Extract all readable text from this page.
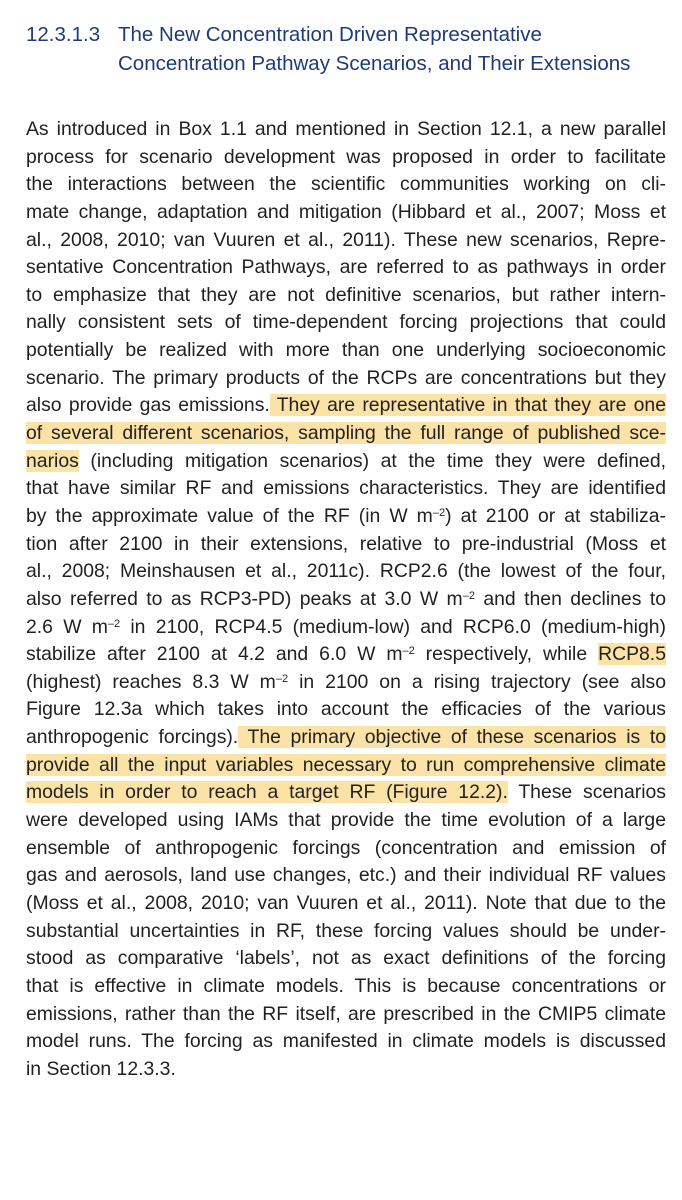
12.3.1.3 The New Concentration Driven Representative
Concentration Pathway Scenarios, and Their Extensions
As introduced in Box 1.1 and mentioned in Section 12.1, a new parallel
process for scenario development was proposed in order to facilitate
the interactions between the scientific communities working on cli-
mate change, adaptation and mitigation (Hibbard et al., 2007; Moss et
al., 2008, 2010; van Vuuren et al., 2011). These new scenarios, Repre-
sentative Concentration Pathways, are referred to as pathways in order
to emphasize that they are not definitive scenarios, but rather intern-
nally consistent sets of time-dependent forcing projections that could
potentially be realized with more than one underlying socioeconomic
scenario. The primary products of the RCPs are concentrations but they
also provide gas emissions. They are representative in that they are one
of several different scenarios, sampling the full range of published sce-
narios (including mitigation scenarios) at the time they were defined,
that have similar RF and emissions characteristics. They are identified
by the approximate value of the RF (in W $m^{-2}$) at 2100 or at stabiliza-
tion after 2100 in their extensions, relative to pre-industrial (Moss et
al., 2008; Meinshausen et al., 2011c). RCP2.6 (the lowest of the four,
also referred to as RCP3-PD) peaks at 3.0 W $m^{-2}$ and then declines to
2.6 W $m^{-2}$ in 2100, RCP4.5 (medium-low) and RCP6.0 (medium-high)
stabilize after 2100 at 4.2 and 6.0 W $m^{-2}$ respectively, while RCP8.5
(highest) reaches 8.3 W $m^{-2}$ in 2100 on a rising trajectory (see also
Figure 12.3a which takes into account the efficacies of the various
anthropogenic forcings). The primary objective of these scenarios is to
provide all the input variables necessary to run comprehensive climate
models in order to reach a target RF (Figure 12.2). These scenarios
were developed using IAMs that provide the time evolution of a large
ensemble of anthropogenic forcings (concentration and emission of
gas and aerosols, land use changes, etc.) and their individual RF values
(Moss et al., 2008, 2010; van Vuuren et al., 2011). Note that due to the
substantial uncertainties in RF, these forcing values should be under-
stood as comparative ‘labels’, not as exact definitions of the forcing
that is effective in climate models. This is because concentrations or
emissions, rather than the RF itself, are prescribed in the CMIP5 climate
model runs. The forcing as manifested in climate models is discussed
in Section 12.3.3.
